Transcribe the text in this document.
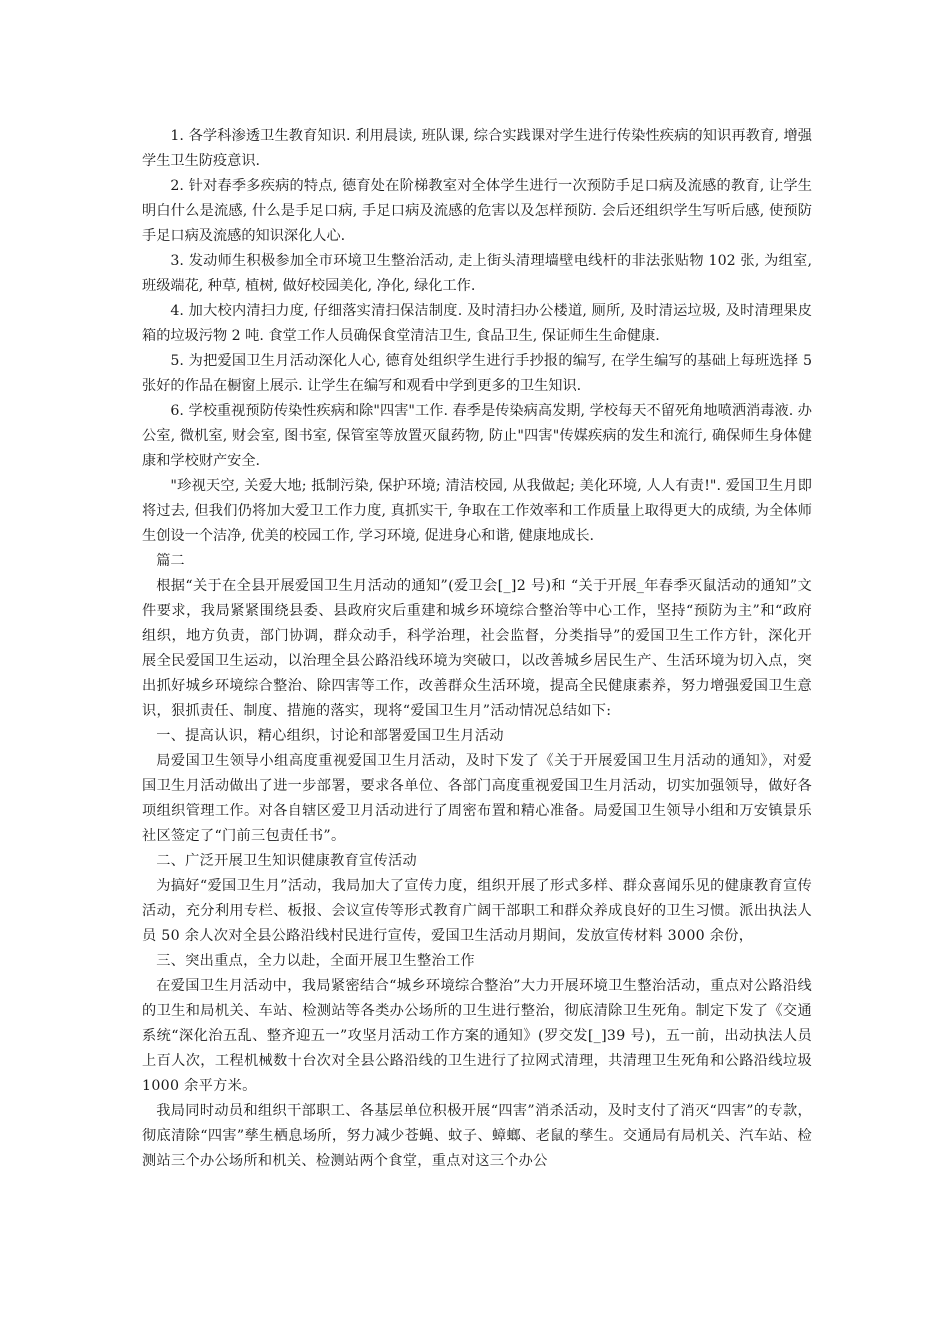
1. 各学科渗透卫生教育知识. 利用晨读, 班队课, 综合实践课对学生进行传染性疾病的知识再教育, 增强学生卫生防疫意识.

2. 针对春季多疾病的特点, 德育处在阶梯教室对全体学生进行一次预防手足口病及流感的教育, 让学生明白什么是流感, 什么是手足口病, 手足口病及流感的危害以及怎样预防. 会后还组织学生写听后感, 使预防手足口病及流感的知识深化人心.

3. 发动师生积极参加全市环境卫生整治活动, 走上街头清理墙壁电线杆的非法张贴物 102 张, 为组室, 班级端花, 种草, 植树, 做好校园美化, 净化, 绿化工作.

4. 加大校内清扫力度, 仔细落实清扫保洁制度. 及时清扫办公楼道, 厕所, 及时清运垃圾, 及时清理果皮箱的垃圾污物 2 吨. 食堂工作人员确保食堂清洁卫生, 食品卫生, 保证师生生命健康.

5. 为把爱国卫生月活动深化人心, 德育处组织学生进行手抄报的编写, 在学生编写的基础上每班选择 5 张好的作品在橱窗上展示. 让学生在编写和观看中学到更多的卫生知识.

6. 学校重视预防传染性疾病和除"四害"工作. 春季是传染病高发期, 学校每天不留死角地喷洒消毒液. 办公室, 微机室, 财会室, 图书室, 保管室等放置灭鼠药物, 防止"四害"传媒疾病的发生和流行, 确保师生身体健康和学校财产安全.

"珍视天空, 关爱大地; 抵制污染, 保护环境; 清洁校园, 从我做起; 美化环境, 人人有责!". 爱国卫生月即将过去, 但我们仍将加大爱卫工作力度, 真抓实干, 争取在工作效率和工作质量上取得更大的成绩, 为全体师生创设一个洁净, 优美的校园工作, 学习环境, 促进身心和谐, 健康地成长.

篇二

根据“关于在全县开展爱国卫生月活动的通知”(爱卫会[_]2 号)和 “关于开展_年春季灭鼠活动的通知”文件要求，我局紧紧围绕县委、县政府灾后重建和城乡环境综合整治等中心工作，坚持“预防为主”和“政府组织，地方负责，部门协调，群众动手，科学治理，社会监督，分类指导”的爱国卫生工作方针，深化开展全民爱国卫生运动，以治理全县公路沿线环境为突破口，以改善城乡居民生产、生活环境为切入点，突出抓好城乡环境综合整治、除四害等工作，改善群众生活环境，提高全民健康素养，努力增强爱国卫生意识，狠抓责任、制度、措施的落实，现将“爱国卫生月”活动情况总结如下:

一、提高认识，精心组织，讨论和部署爱国卫生月活动

局爱国卫生领导小组高度重视爱国卫生月活动，及时下发了《关于开展爱国卫生月活动的通知》，对爱国卫生月活动做出了进一步部署，要求各单位、各部门高度重视爱国卫生月活动，切实加强领导，做好各项组织管理工作。对各自辖区爱卫月活动进行了周密布置和精心准备。局爱国卫生领导小组和万安镇景乐社区签定了“门前三包责任书”。

二、广泛开展卫生知识健康教育宣传活动

为搞好“爱国卫生月”活动，我局加大了宣传力度，组织开展了形式多样、群众喜闻乐见的健康教育宣传活动，充分利用专栏、板报、会议宣传等形式教育广阔干部职工和群众养成良好的卫生习惯。派出执法人员 50 余人次对全县公路沿线村民进行宣传，爱国卫生活动月期间，发放宣传材料 3000 余份，

三、突出重点，全力以赴，全面开展卫生整治工作

在爱国卫生月活动中，我局紧密结合“城乡环境综合整治”大力开展环境卫生整治活动，重点对公路沿线的卫生和局机关、车站、检测站等各类办公场所的卫生进行整治，彻底清除卫生死角。制定下发了《交通系统“深化治五乱、整齐迎五一”攻坚月活动工作方案的通知》(罗交发[_]39 号)，五一前，出动执法人员上百人次，工程机械数十台次对全县公路沿线的卫生进行了拉网式清理，共清理卫生死角和公路沿线垃圾 1000 余平方米。

我局同时动员和组织干部职工、各基层单位积极开展“四害”消杀活动，及时支付了消灭“四害”的专款，彻底清除“四害”孳生栖息场所，努力减少苍蝇、蚊子、蟑螂、老鼠的孳生。交通局有局机关、汽车站、检测站三个办公场所和机关、检测站两个食堂，重点对这三个办公
